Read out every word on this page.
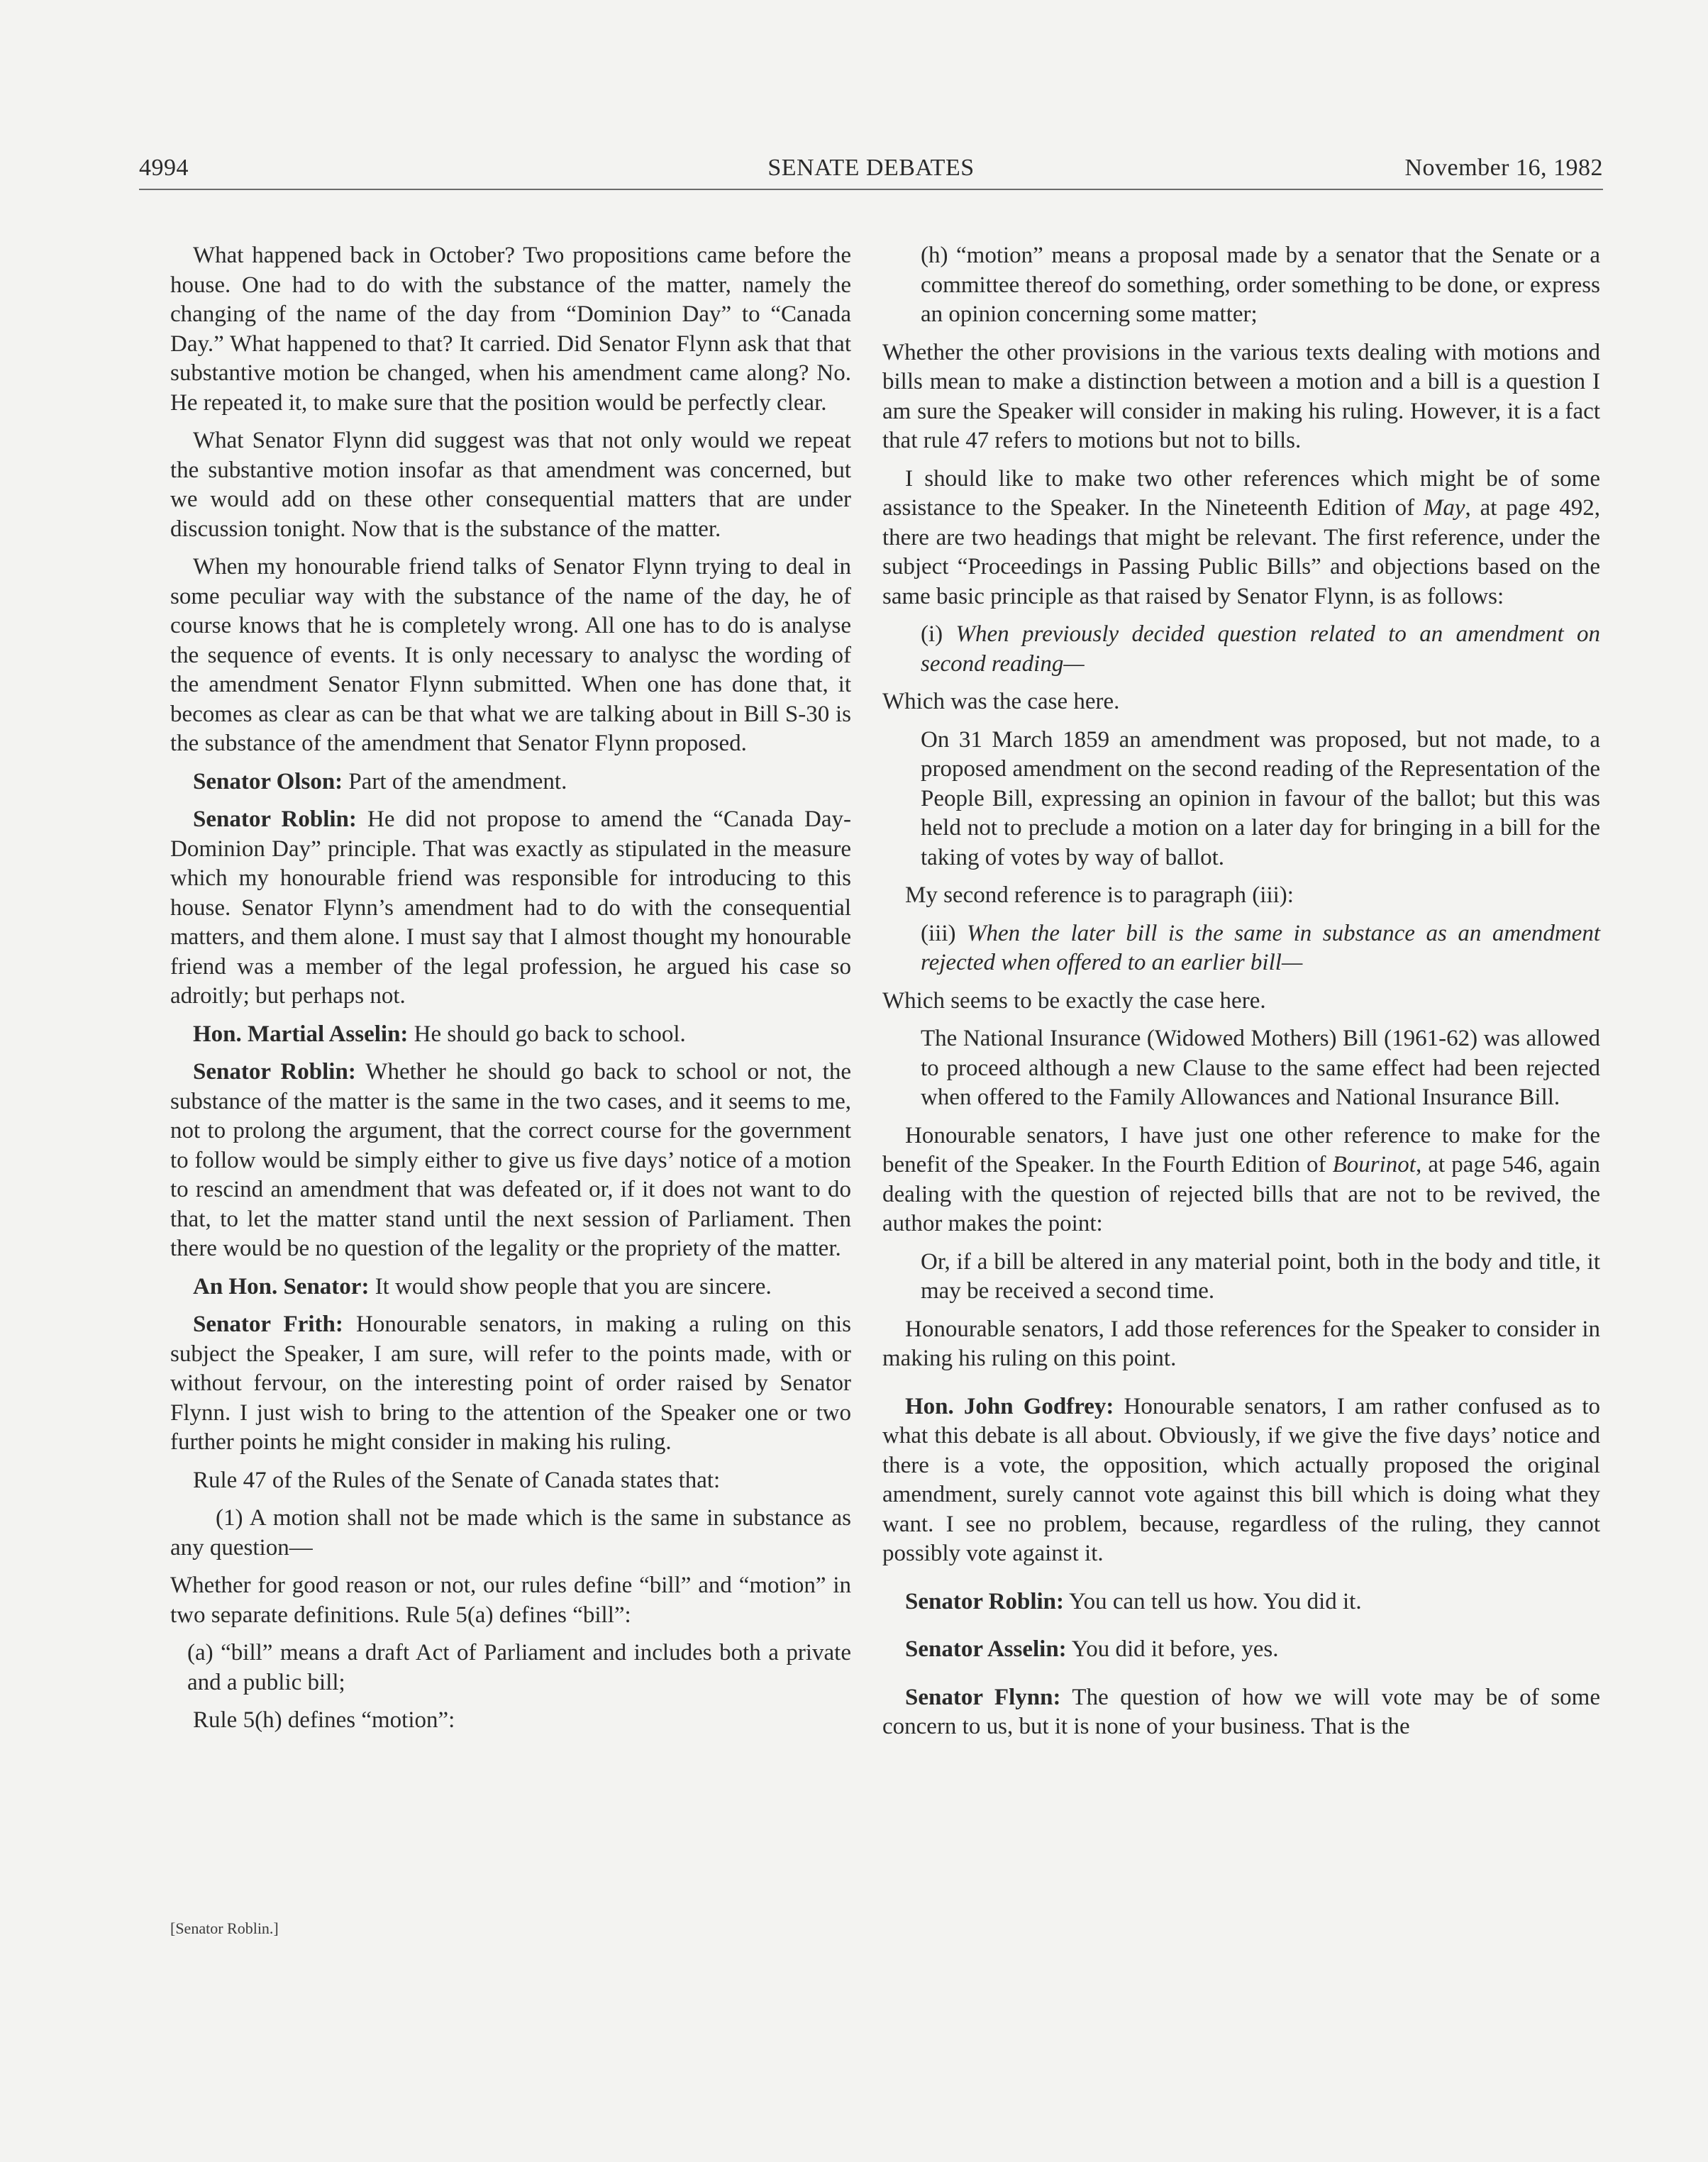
4994	SENATE DEBATES	November 16, 1982

What happened back in October? Two propositions came before the house. One had to do with the substance of the matter, namely the changing of the name of the day from “Dominion Day” to “Canada Day.” What happened to that? It carried. Did Senator Flynn ask that that substantive motion be changed, when his amendment came along? No. He repeated it, to make sure that the position would be perfectly clear.

What Senator Flynn did suggest was that not only would we repeat the substantive motion insofar as that amendment was concerned, but we would add on these other consequential matters that are under discussion tonight. Now that is the substance of the matter.

When my honourable friend talks of Senator Flynn trying to deal in some peculiar way with the substance of the name of the day, he of course knows that he is completely wrong. All one has to do is analyse the sequence of events. It is only necessary to analysc the wording of the amendment Senator Flynn submitted. When one has done that, it becomes as clear as can be that what we are talking about in Bill S-30 is the substance of the amendment that Senator Flynn proposed.

Senator Olson: Part of the amendment.

Senator Roblin: He did not propose to amend the “Canada Day-Dominion Day” principle. That was exactly as stipulated in the measure which my honourable friend was responsible for introducing to this house. Senator Flynn’s amendment had to do with the consequential matters, and them alone. I must say that I almost thought my honourable friend was a member of the legal profession, he argued his case so adroitly; but perhaps not.

Hon. Martial Asselin: He should go back to school.

Senator Roblin: Whether he should go back to school or not, the substance of the matter is the same in the two cases, and it seems to me, not to prolong the argument, that the correct course for the government to follow would be simply either to give us five days’ notice of a motion to rescind an amendment that was defeated or, if it does not want to do that, to let the matter stand until the next session of Parliament. Then there would be no question of the legality or the propriety of the matter.

An Hon. Senator: It would show people that you are sincere.

Senator Frith: Honourable senators, in making a ruling on this subject the Speaker, I am sure, will refer to the points made, with or without fervour, on the interesting point of order raised by Senator Flynn. I just wish to bring to the attention of the Speaker one or two further points he might consider in making his ruling.

Rule 47 of the Rules of the Senate of Canada states that:

(1) A motion shall not be made which is the same in substance as any question—

Whether for good reason or not, our rules define “bill” and “motion” in two separate definitions. Rule 5(a) defines “bill”:

(a) “bill” means a draft Act of Parliament and includes both a private and a public bill;

Rule 5(h) defines “motion”:

[Senator Roblin.]

(h) “motion” means a proposal made by a senator that the Senate or a committee thereof do something, order something to be done, or express an opinion concerning some matter;

Whether the other provisions in the various texts dealing with motions and bills mean to make a distinction between a motion and a bill is a question I am sure the Speaker will consider in making his ruling. However, it is a fact that rule 47 refers to motions but not to bills.

I should like to make two other references which might be of some assistance to the Speaker. In the Nineteenth Edition of May, at page 492, there are two headings that might be relevant. The first reference, under the subject “Proceedings in Passing Public Bills” and objections based on the same basic principle as that raised by Senator Flynn, is as follows:

(i) When previously decided question related to an amendment on second reading—

Which was the case here.

On 31 March 1859 an amendment was proposed, but not made, to a proposed amendment on the second reading of the Representation of the People Bill, expressing an opinion in favour of the ballot; but this was held not to preclude a motion on a later day for bringing in a bill for the taking of votes by way of ballot.

My second reference is to paragraph (iii):

(iii) When the later bill is the same in substance as an amendment rejected when offered to an earlier bill—

Which seems to be exactly the case here.

The National Insurance (Widowed Mothers) Bill (1961-62) was allowed to proceed although a new Clause to the same effect had been rejected when offered to the Family Allowances and National Insurance Bill.

Honourable senators, I have just one other reference to make for the benefit of the Speaker. In the Fourth Edition of Bourinot, at page 546, again dealing with the question of rejected bills that are not to be revived, the author makes the point:

Or, if a bill be altered in any material point, both in the body and title, it may be received a second time.

Honourable senators, I add those references for the Speaker to consider in making his ruling on this point.

Hon. John Godfrey: Honourable senators, I am rather confused as to what this debate is all about. Obviously, if we give the five days’ notice and there is a vote, the opposition, which actually proposed the original amendment, surely cannot vote against this bill which is doing what they want. I see no problem, because, regardless of the ruling, they cannot possibly vote against it.

Senator Roblin: You can tell us how. You did it.

Senator Asselin: You did it before, yes.

Senator Flynn: The question of how we will vote may be of some concern to us, but it is none of your business. That is the
